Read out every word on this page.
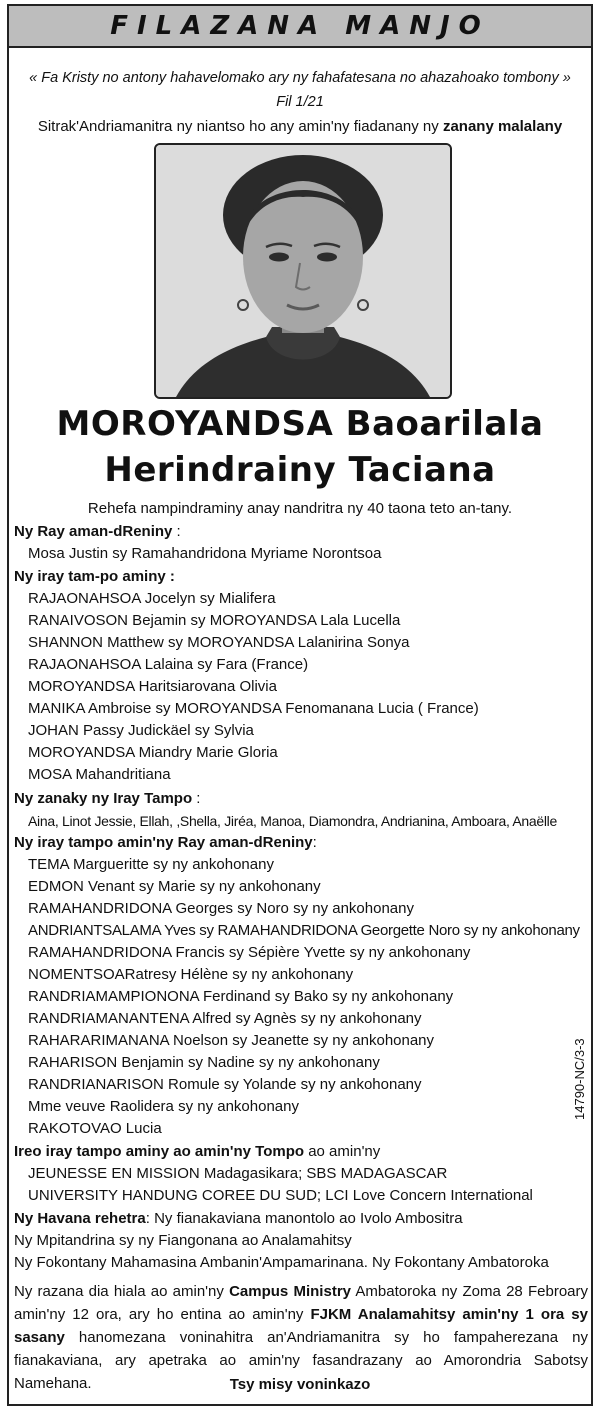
FILAZANA MANJO
« Fa Kristy no antony hahavelomako ary ny fahafatesana no ahazahoako tombony »
Fil 1/21
Sitrak'Andriamanitra ny niantso ho any amin'ny fiadanany ny zanany malalany
MOROYANDSA Baoarilala
Herindrainy Taciana
Rehefa nampindraminy anay nandritra ny 40 taona teto an-tany.
Ny Ray aman-dReniny :
Mosa Justin sy Ramahandridona Myriame Norontsoa
Ny iray tam-po aminy :
RAJAONAHSOA Jocelyn sy Mialifera
RANAIVOSON Bejamin sy MOROYANDSA Lala Lucella
SHANNON Matthew sy MOROYANDSA Lalanirina Sonya
RAJAONAHSOA Lalaina sy Fara (France)
MOROYANDSA Haritsiarovana Olivia
MANIKA Ambroise sy MOROYANDSA Fenomanana Lucia ( France)
JOHAN Passy Judickäel sy Sylvia
MOROYANDSA Miandry Marie Gloria
MOSA Mahandritiana
Ny zanaky ny Iray Tampo :
Aina, Linot Jessie, Ellah, ,Shella, Jiréa, Manoa, Diamondra, Andrianina, Amboara, Anaëlle
Ny iray tampo amin'ny Ray aman-dReniny:
TEMA Margueritte sy ny ankohonany
EDMON Venant sy Marie sy ny ankohonany
RAMAHANDRIDONA Georges sy Noro sy ny ankohonany
ANDRIANTSALAMA Yves sy RAMAHANDRIDONA Georgette Noro sy ny ankohonany
RAMAHANDRIDONA Francis sy Sépière Yvette sy ny ankohonany
NOMENTSOARatresy Hélène sy ny ankohonany
RANDRIAMAMPIONONA Ferdinand sy Bako sy ny ankohonany
RANDRIAMANANTENA Alfred sy Agnès sy ny ankohonany
RAHARARIMANANA Noelson sy Jeanette sy ny ankohonany
RAHARISON Benjamin sy Nadine sy ny ankohonany
RANDRIANARISON Romule sy Yolande sy ny ankohonany
Mme veuve Raolidera sy ny ankohonany
RAKOTOVAO Lucia
Ireo iray tampo aminy ao amin'ny Tompo ao amin'ny
JEUNESSE EN MISSION Madagasikara; SBS MADAGASCAR
UNIVERSITY HANDUNG COREE DU SUD; LCI Love Concern International
Ny Havana rehetra: Ny fianakaviana manontolo ao Ivolo Ambositra
Ny Mpitandrina sy ny Fiangonana ao Analamahitsy
Ny Fokontany Mahamasina Ambanin'Ampamarinana. Ny Fokontany Ambatoroka
Ny razana dia hiala ao amin'ny Campus Ministry Ambatoroka ny Zoma 28 Febroary amin'ny 12 ora, ary ho entina ao amin'ny FJKM Analamahitsy amin'ny 1 ora sy sasany hanomezana voninahitra an'Andriamanitra sy ho fampaherezana ny fianakaviana, ary apetraka ao amin'ny fasandrazany ao Amorondria Sabotsy Namehana.	Tsy misy voninkazo
14790-NC/3-3
